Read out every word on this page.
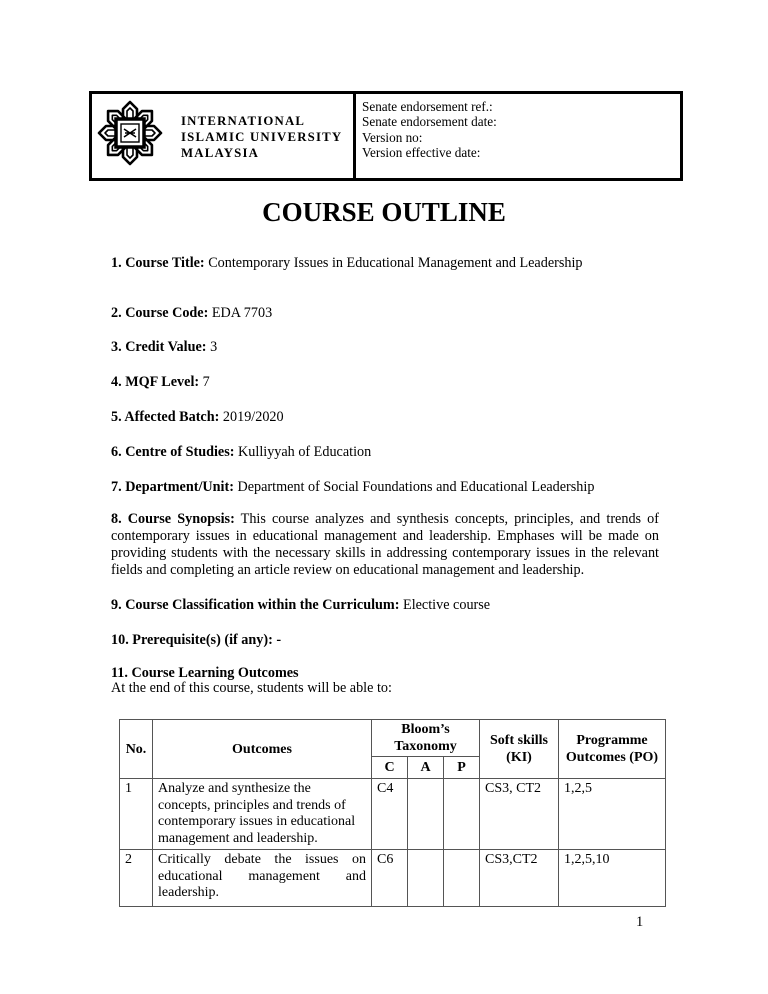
INTERNATIONAL
ISLAMIC UNIVERSITY
MALAYSIA
Senate endorsement ref.:
Senate endorsement date:
Version no:
Version effective date:
COURSE OUTLINE
1. Course Title: Contemporary Issues in Educational Management and Leadership
2. Course Code: EDA 7703
3. Credit Value: 3
4. MQF Level: 7
5. Affected Batch: 2019/2020
6. Centre of Studies: Kulliyyah of Education
7. Department/Unit: Department of Social Foundations and Educational Leadership
8. Course Synopsis: This course analyzes and synthesis concepts, principles, and trends of contemporary issues in educational management and leadership. Emphases will be made on providing students with the necessary skills in addressing contemporary issues in the relevant fields and completing an article review on educational management and leadership.
9. Course Classification within the Curriculum: Elective course
10. Prerequisite(s) (if any): -
11. Course Learning Outcomes
At the end of this course, students will be able to:
No.	Outcomes	Bloom’s Taxonomy			Soft skills (KI)	Programme Outcomes (PO)
		C	A	P		
1	Analyze and synthesize the concepts, principles and trends of contemporary issues in educational management and leadership.	C4			CS3, CT2	1,2,5
2	Critically debate the issues on educational management and leadership.	C6			CS3,CT2	1,2,5,10
1
